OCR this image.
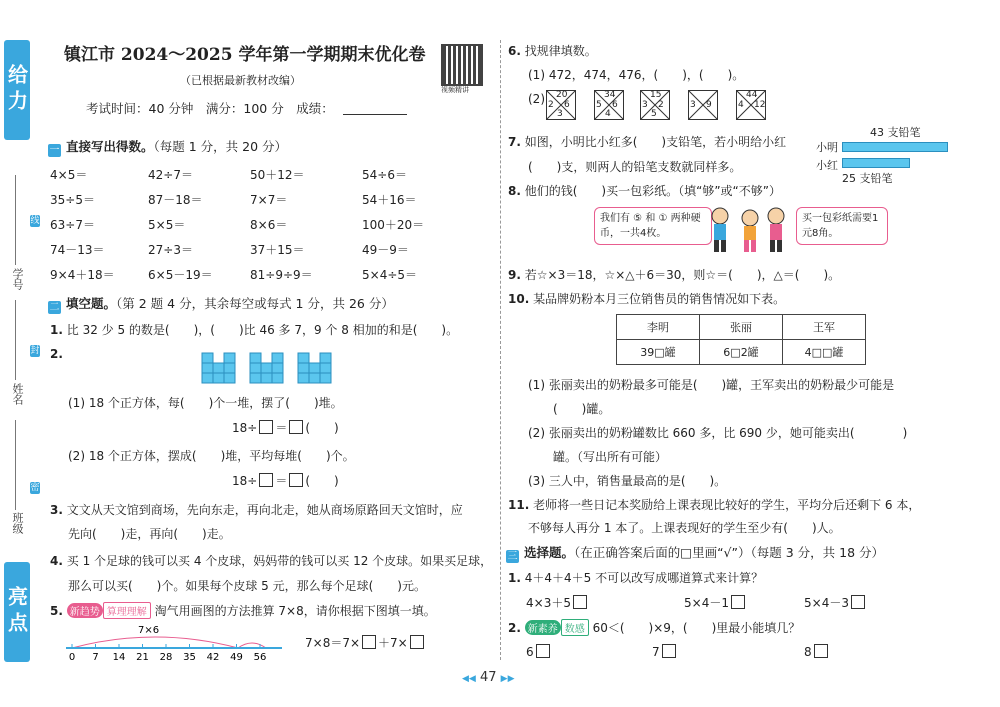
给力
学号
姓名
班级
亮点
线
封
密
镇江市 2024～2025 学年第一学期期末优化卷
（已根据最新教材改编）
考试时间：40 分钟　满分：100 分　成绩：
视频精讲
一 直接写出得数。（每题 1 分，共 20 分）
4×5＝	42÷7＝	50＋12＝	54÷6＝
35÷5＝	87－18＝	7×7＝	54＋16＝
63÷7＝	5×5＝	8×6＝	100＋20＝
74－13＝	27÷3＝	37＋15＝	49－9＝
9×4＋18＝	6×5－19＝	81÷9÷9＝	5×4÷5＝
二 填空题。（第 2 题 4 分，其余每空或每式 1 分，共 26 分）
1. 比 32 少 5 的数是(　　)，(　　)比 46 多 7，9 个 8 相加的和是(　　)。
2.
(1) 18 个正方体，每(　　)个一堆，摆了(　　)堆。
18÷ ＝ (　　)
(2) 18 个正方体，摆成(　　)堆，平均每堆(　　)个。
18÷ ＝ (　　)
3. 文文从天文馆到商场，先向东走，再向北走，她从商场原路回天文馆时，应
先向(　　)走，再向(　　)走。
4. 买 1 个足球的钱可以买 4 个皮球，妈妈带的钱可以买 12 个皮球。如果买足球，
那么可以买(　　)个。如果每个皮球 5 元，那么每个足球(　　)元。
5. 新趋势 算理理解 淘气用画图的方法推算 7×8，请你根据下图填一填。
7×6
0 7 14 21 28 35 42 49 56
7×8＝7× ＋7×
6. 找规律填数。
(1) 472，474，476，(　　)，(　　)。
(2) 20
2 6
3
34
5 6
4
15
3 2
5
3 9
44
4 12
7. 如图，小明比小红多(　　)支铅笔，若小明给小红
(　　)支，则两人的铅笔支数就同样多。
小明
小红
43 支铅笔
25 支铅笔
8. 他们的钱(　　)买一包彩纸。（填“够”或“不够”）
我们有 ⑤ 和 ① 两种硬币，一共4枚。
买一包彩纸需要1元8角。
9. 若☆×3＝18，☆×△＋6＝30，则☆＝(　　)，△＝(　　)。
10. 某品牌奶粉本月三位销售员的销售情况如下表。
李明	张丽	王军
39□罐	6□2罐	4□□罐
(1) 张丽卖出的奶粉最多可能是(　　)罐，王军卖出的奶粉最少可能是
(　　)罐。
(2) 张丽卖出的奶粉罐数比 660 多，比 690 少，她可能卖出(　　　　)
罐。（写出所有可能）
(3) 三人中，销售量最高的是(　　)。
11. 老师将一些日记本奖励给上课表现比较好的学生，平均分后还剩下 6 本，
不够每人再分 1 本了。上课表现好的学生至少有(　　)人。
三 选择题。（在正确答案后面的□里画“√”）（每题 3 分，共 18 分）
1. 4＋4＋4＋5 不可以改写成哪道算式来计算？
4×3＋5	5×4－1	5×4－3
2. 新素养 数感 60＜(　　)×9，(　　)里最小能填几？
6	7	8
◀◀ 47 ▶▶
